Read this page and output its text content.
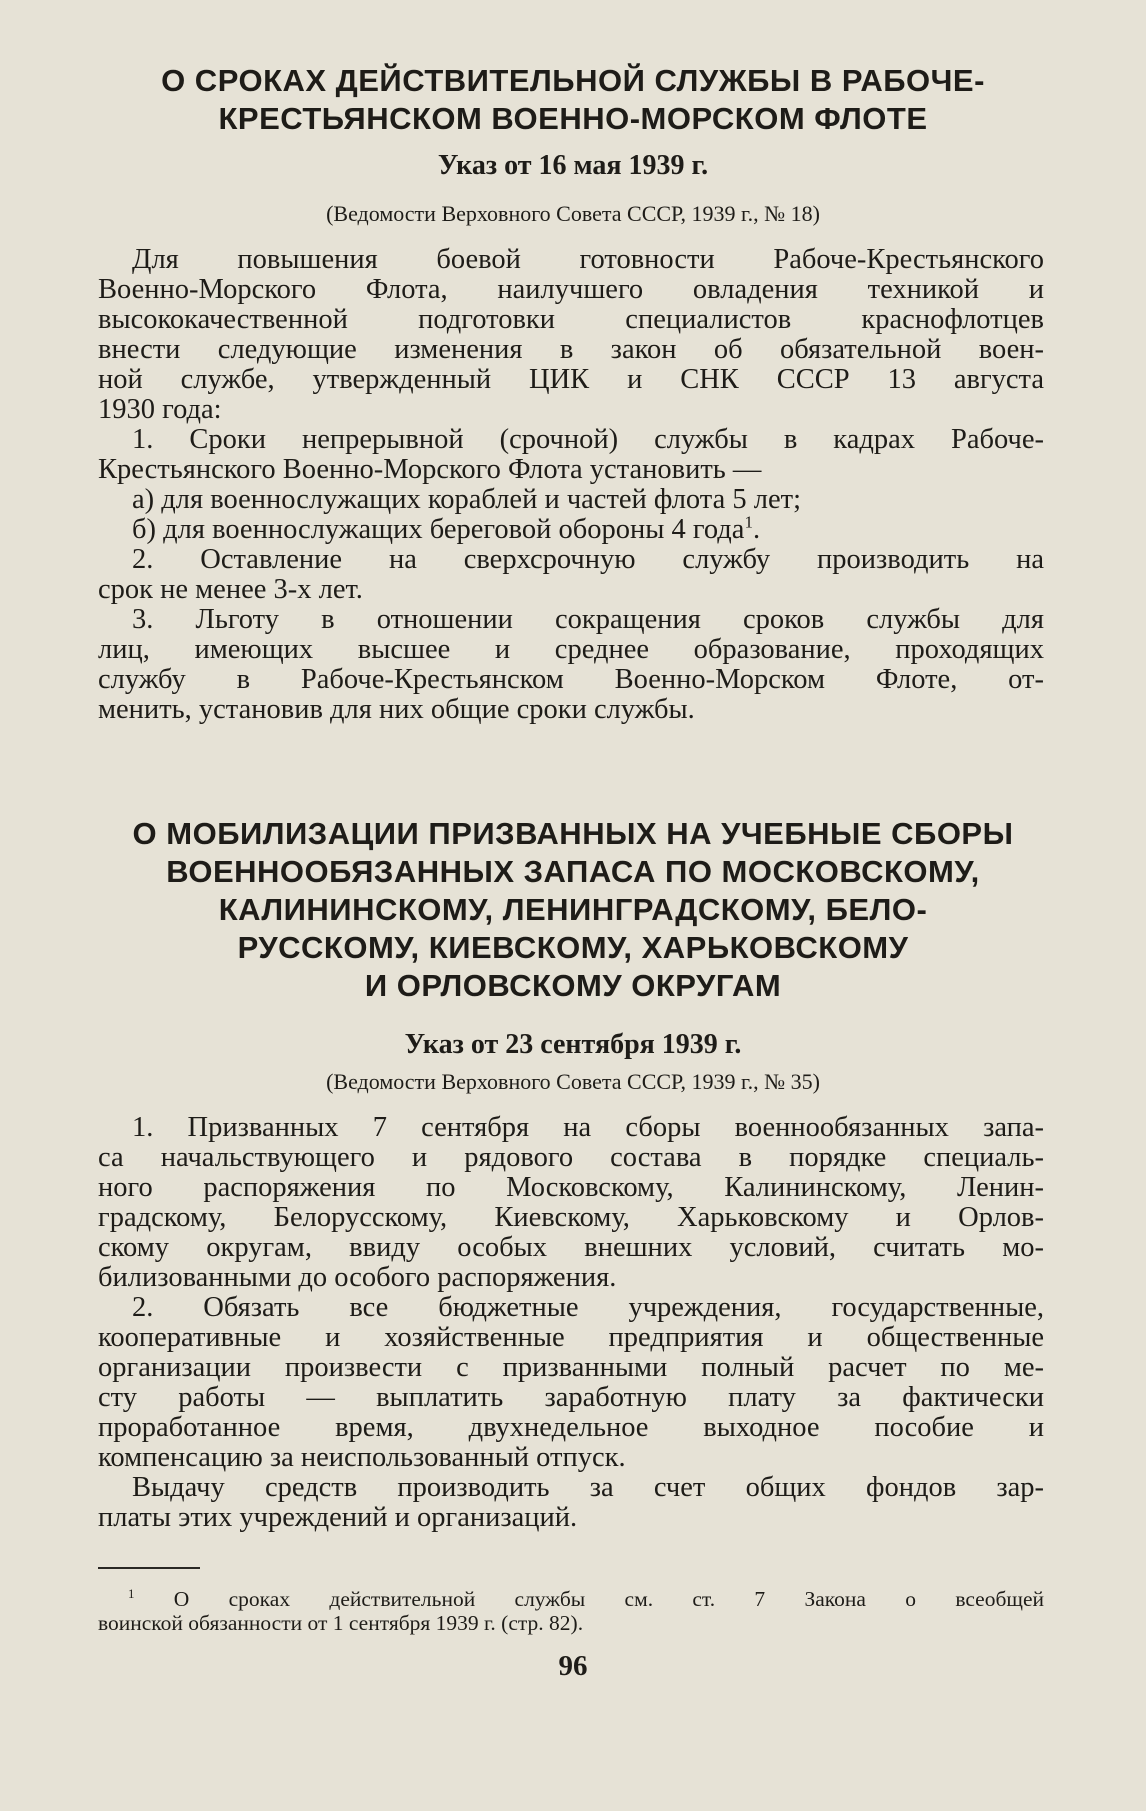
О СРОКАХ ДЕЙСТВИТЕЛЬНОЙ СЛУЖБЫ В РАБОЧЕ-
КРЕСТЬЯНСКОМ ВОЕННО-МОРСКОМ ФЛОТЕ

Указ от 16 мая 1939 г.

(Ведомости Верховного Совета СССР, 1939 г., № 18)

Для повышения боевой готовности Рабоче-Крестьянского
Военно-Морского Флота, наилучшего овладения техникой и
высококачественной подготовки специалистов краснофлотцев
внести следующие изменения в закон об обязательной воен-
ной службе, утвержденный ЦИК и СНК СССР 13 августа
1930 года:
1. Сроки непрерывной (срочной) службы в кадрах Рабоче-
Крестьянского Военно-Морского Флота установить —
а) для военнослужащих кораблей и частей флота 5 лет;
б) для военнослужащих береговой обороны 4 года$^1$.
2. Оставление на сверхсрочную службу производить на
срок не менее 3-х лет.
3. Льготу в отношении сокращения сроков службы для
лиц, имеющих высшее и среднее образование, проходящих
службу в Рабоче-Крестьянском Военно-Морском Флоте, от-
менить, установив для них общие сроки службы.
О МОБИЛИЗАЦИИ ПРИЗВАННЫХ НА УЧЕБНЫЕ СБОРЫ
ВОЕННООБЯЗАННЫХ ЗАПАСА ПО МОСКОВСКОМУ,
КАЛИНИНСКОМУ, ЛЕНИНГРАДСКОМУ, БЕЛО-
РУССКОМУ, КИЕВСКОМУ, ХАРЬКОВСКОМУ
И ОРЛОВСКОМУ ОКРУГАМ

Указ от 23 сентября 1939 г.

(Ведомости Верховного Совета СССР, 1939 г., № 35)

1. Призванных 7 сентября на сборы военнообязанных запа-
са начальствующего и рядового состава в порядке специаль-
ного распоряжения по Московскому, Калининскому, Ленин-
градскому, Белорусскому, Киевскому, Харьковскому и Орлов-
скому округам, ввиду особых внешних условий, считать мо-
билизованными до особого распоряжения.
2. Обязать все бюджетные учреждения, государственные,
кооперативные и хозяйственные предприятия и общественные
организации произвести с призванными полный расчет по ме-
сту работы — выплатить заработную плату за фактически
проработанное время, двухнедельное выходное пособие и
компенсацию за неиспользованный отпуск.
Выдачу средств производить за счет общих фондов зар-
платы этих учреждений и организаций.
$^1$ О сроках действительной службы см. ст. 7 Закона о всеобщей
воинской обязанности от 1 сентября 1939 г. (стр. 82).
96
